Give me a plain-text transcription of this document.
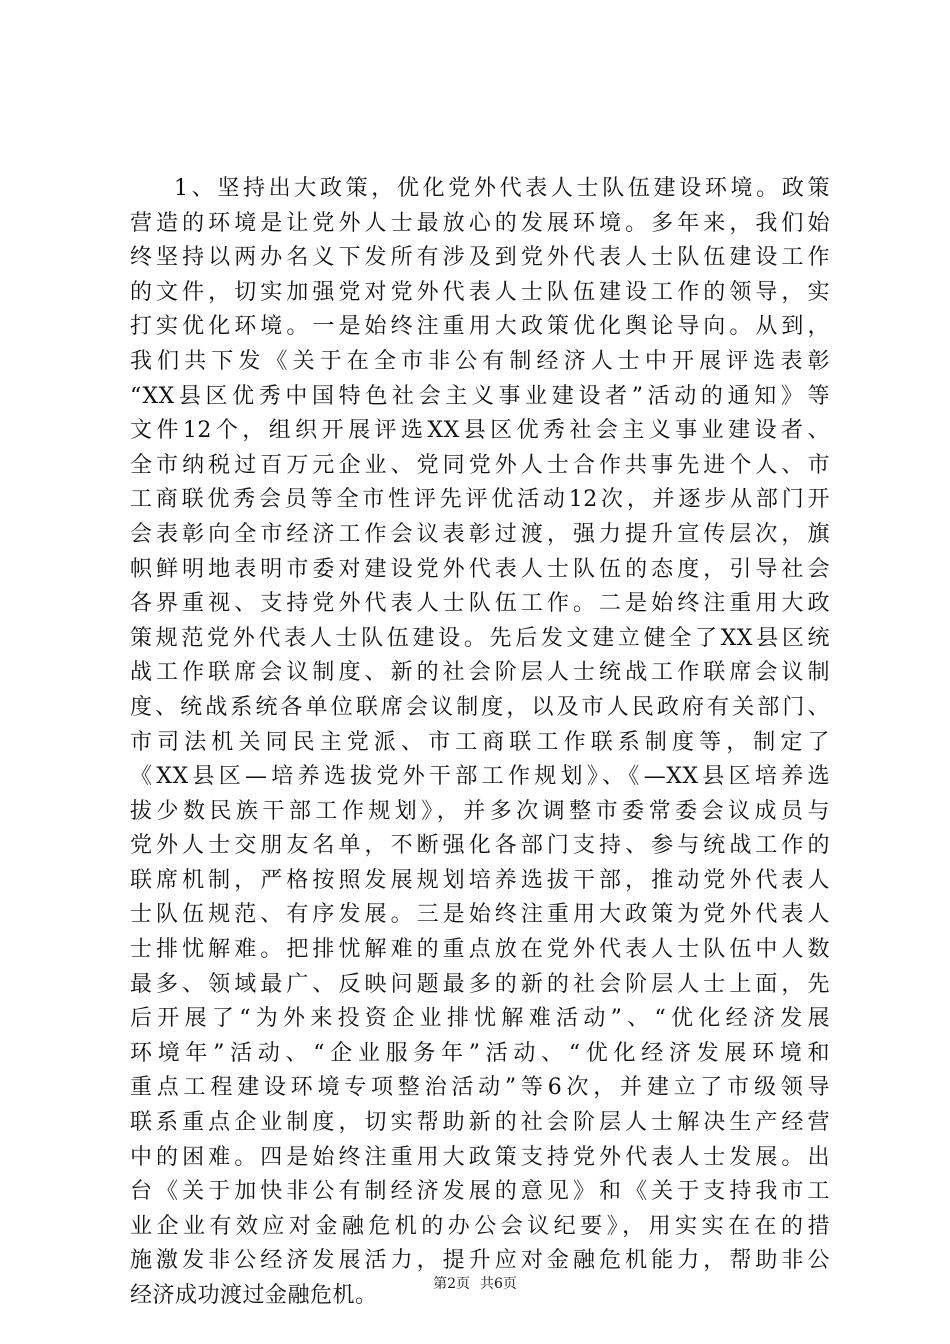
1、坚持出大政策，优化党外代表人士队伍建设环境。政策
营造的环境是让党外人士最放心的发展环境。多年来，我们始
终坚持以两办名义下发所有涉及到党外代表人士队伍建设工作
的文件，切实加强党对党外代表人士队伍建设工作的领导，实
打实优化环境。一是始终注重用大政策优化舆论导向。从到，
我们共下发《关于在全市非公有制经济人士中开展评选表彰
“XX县区优秀中国特色社会主义事业建设者”活动的通知》等
文件12个，组织开展评选XX县区优秀社会主义事业建设者、
全市纳税过百万元企业、党同党外人士合作共事先进个人、市
工商联优秀会员等全市性评先评优活动12次，并逐步从部门开
会表彰向全市经济工作会议表彰过渡，强力提升宣传层次，旗
帜鲜明地表明市委对建设党外代表人士队伍的态度，引导社会
各界重视、支持党外代表人士队伍工作。二是始终注重用大政
策规范党外代表人士队伍建设。先后发文建立健全了XX县区统
战工作联席会议制度、新的社会阶层人士统战工作联席会议制
度、统战系统各单位联席会议制度，以及市人民政府有关部门、
市司法机关同民主党派、市工商联工作联系制度等，制定了
《XX县区—培养选拔党外干部工作规划》、《—XX县区培养选
拔少数民族干部工作规划》，并多次调整市委常委会议成员与
党外人士交朋友名单，不断强化各部门支持、参与统战工作的
联席机制，严格按照发展规划培养选拔干部，推动党外代表人
士队伍规范、有序发展。三是始终注重用大政策为党外代表人
士排忧解难。把排忧解难的重点放在党外代表人士队伍中人数
最多、领域最广、反映问题最多的新的社会阶层人士上面，先
后开展了“为外来投资企业排忧解难活动”、“优化经济发展
环境年”活动、“企业服务年”活动、“优化经济发展环境和
重点工程建设环境专项整治活动”等6次，并建立了市级领导
联系重点企业制度，切实帮助新的社会阶层人士解决生产经营
中的困难。四是始终注重用大政策支持党外代表人士发展。出
台《关于加快非公有制经济发展的意见》和《关于支持我市工
业企业有效应对金融危机的办公会议纪要》，用实实在在的措
施激发非公经济发展活力，提升应对金融危机能力，帮助非公
经济成功渡过金融危机。	第2页 共6页
